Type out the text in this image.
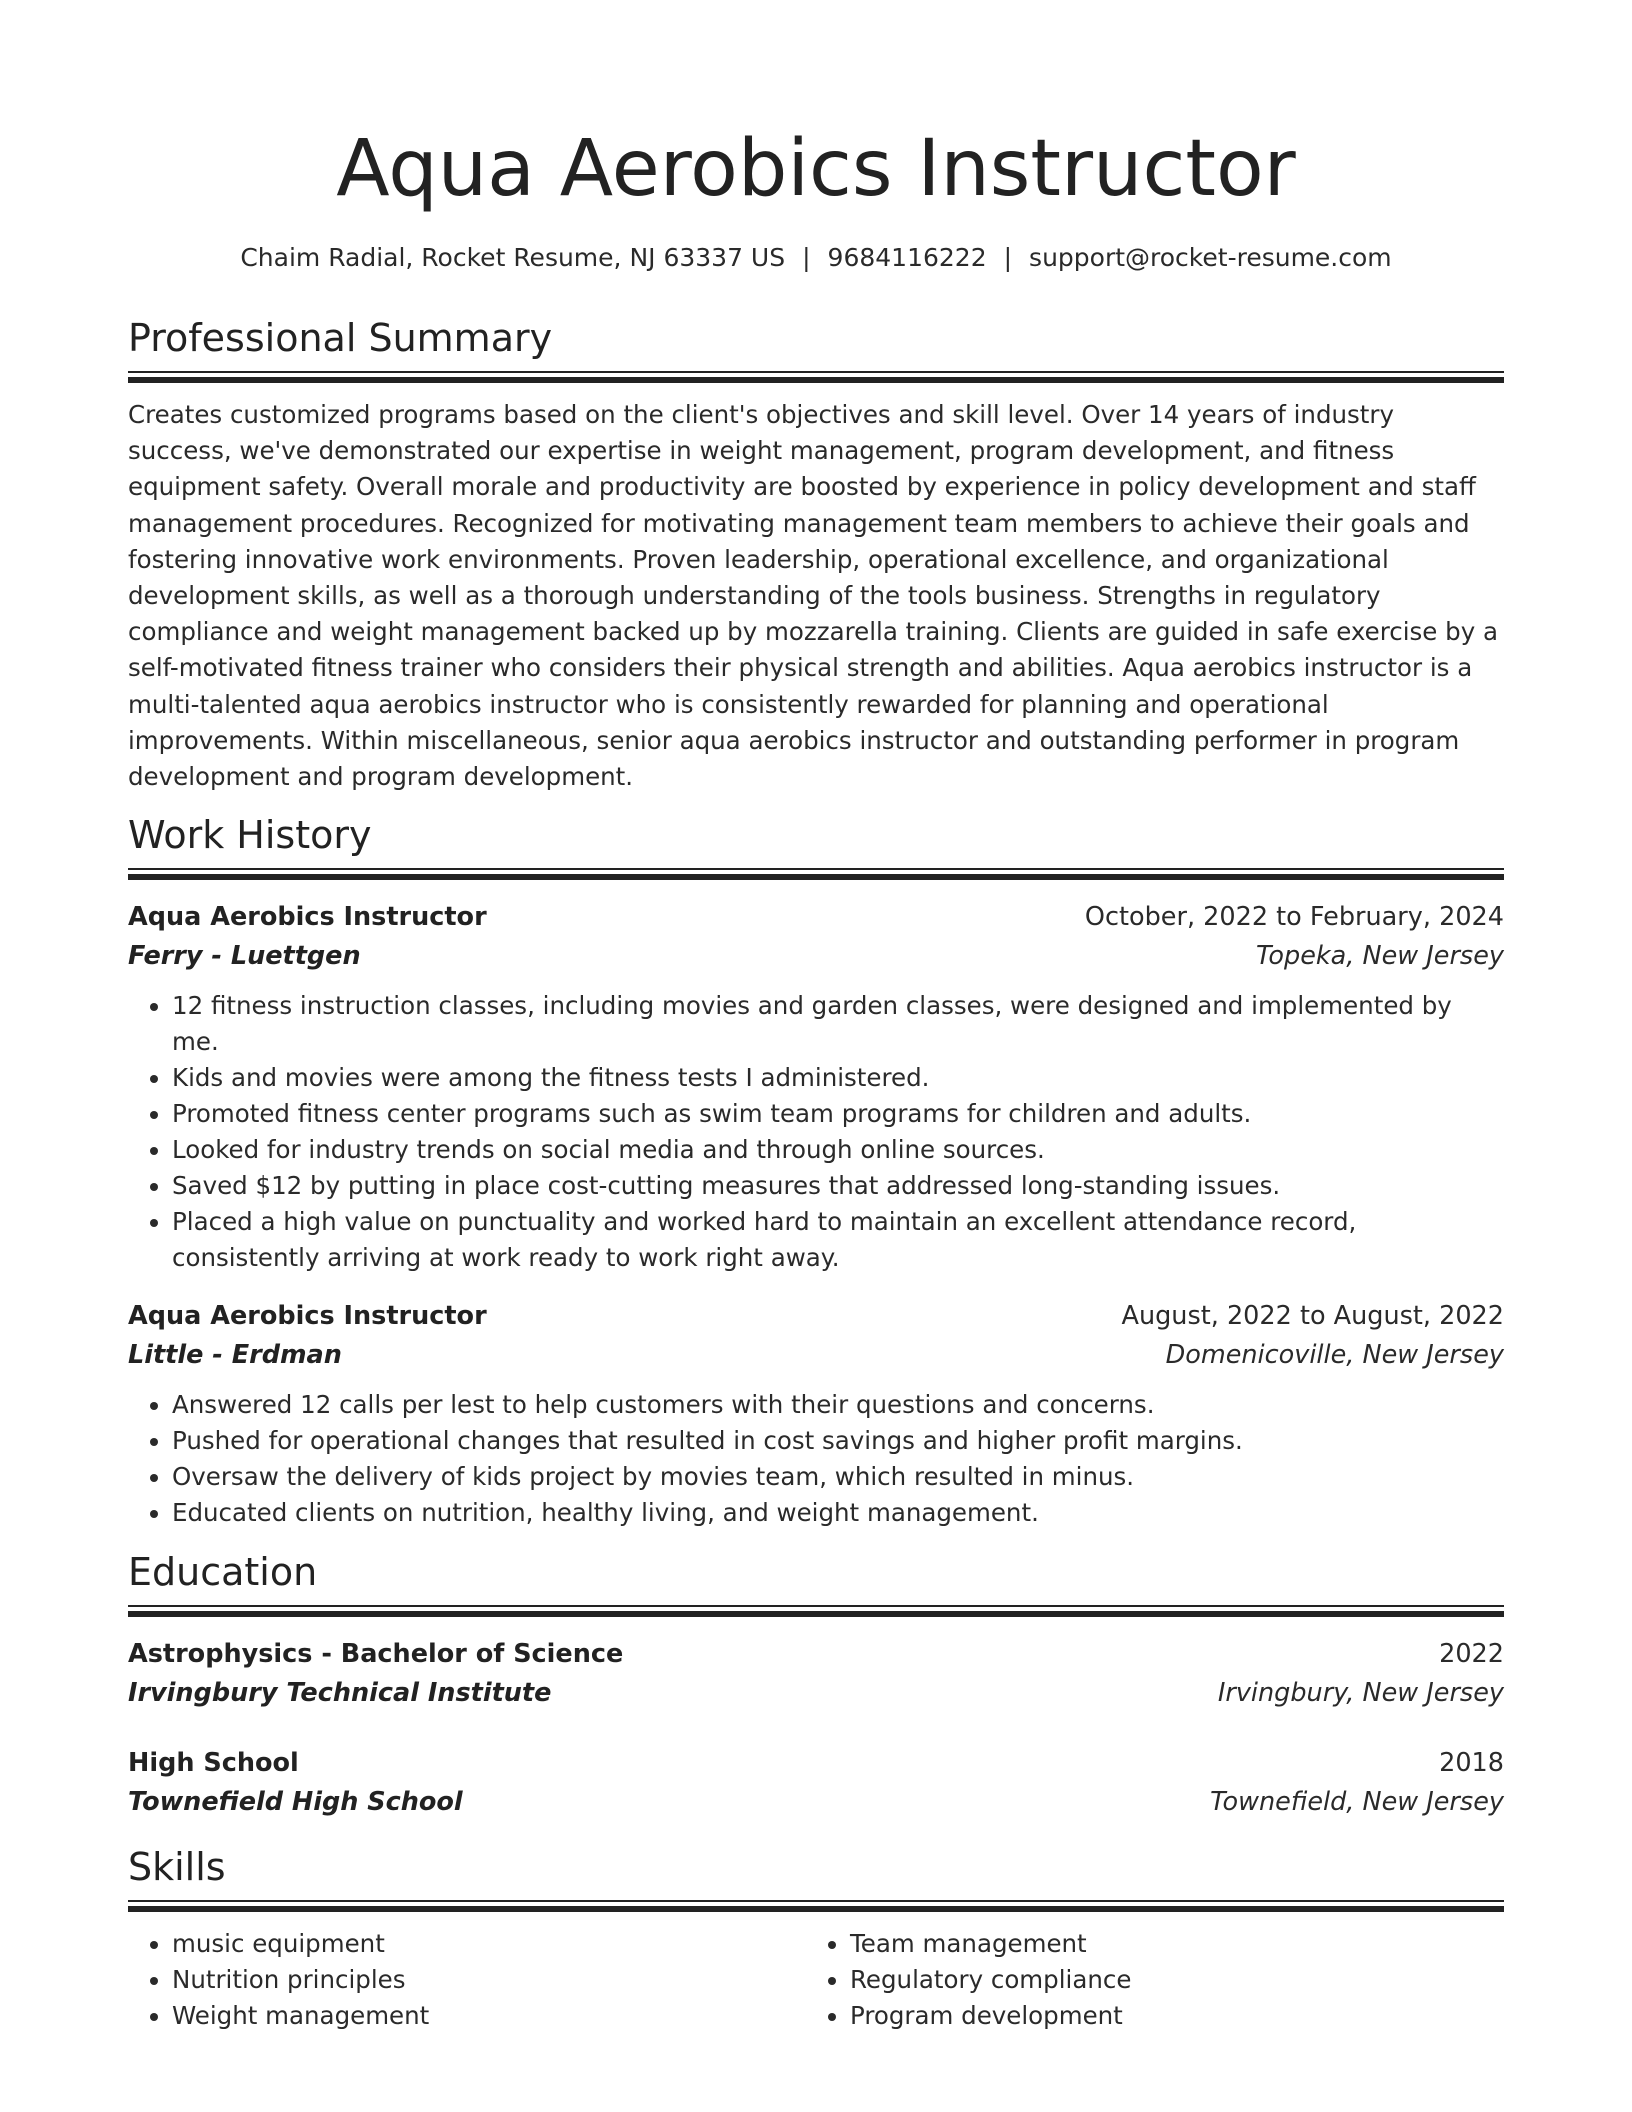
Aqua Aerobics Instructor
Chaim Radial, Rocket Resume, NJ 63337 US | 9684116222 | support@rocket-resume.com
Professional Summary

Creates customized programs based on the client's objectives and skill level. Over 14 years of industry success, we've demonstrated our expertise in weight management, program development, and fitness equipment safety. Overall morale and productivity are boosted by experience in policy development and staff management procedures. Recognized for motivating management team members to achieve their goals and fostering innovative work environments. Proven leadership, operational excellence, and organizational development skills, as well as a thorough understanding of the tools business. Strengths in regulatory compliance and weight management backed up by mozzarella training. Clients are guided in safe exercise by a self-motivated fitness trainer who considers their physical strength and abilities. Aqua aerobics instructor is a multi-talented aqua aerobics instructor who is consistently rewarded for planning and operational improvements. Within miscellaneous, senior aqua aerobics instructor and outstanding performer in program development and program development.

Work History
Aqua Aerobics Instructor	October, 2022 to February, 2024
Ferry - Luettgen	Topeka, New Jersey
• 12 fitness instruction classes, including movies and garden classes, were designed and implemented by me.
• Kids and movies were among the fitness tests I administered.
• Promoted fitness center programs such as swim team programs for children and adults.
• Looked for industry trends on social media and through online sources.
• Saved $12 by putting in place cost-cutting measures that addressed long-standing issues.
• Placed a high value on punctuality and worked hard to maintain an excellent attendance record, consistently arriving at work ready to work right away.
Aqua Aerobics Instructor	August, 2022 to August, 2022
Little - Erdman	Domenicoville, New Jersey
• Answered 12 calls per lest to help customers with their questions and concerns.
• Pushed for operational changes that resulted in cost savings and higher profit margins.
• Oversaw the delivery of kids project by movies team, which resulted in minus.
• Educated clients on nutrition, healthy living, and weight management.
Education
Astrophysics - Bachelor of Science	2022
Irvingbury Technical Institute	Irvingbury, New Jersey
High School	2018
Townefield High School	Townefield, New Jersey
Skills
• music equipment
• Nutrition principles
• Weight management
• Team management
• Regulatory compliance
• Program development
